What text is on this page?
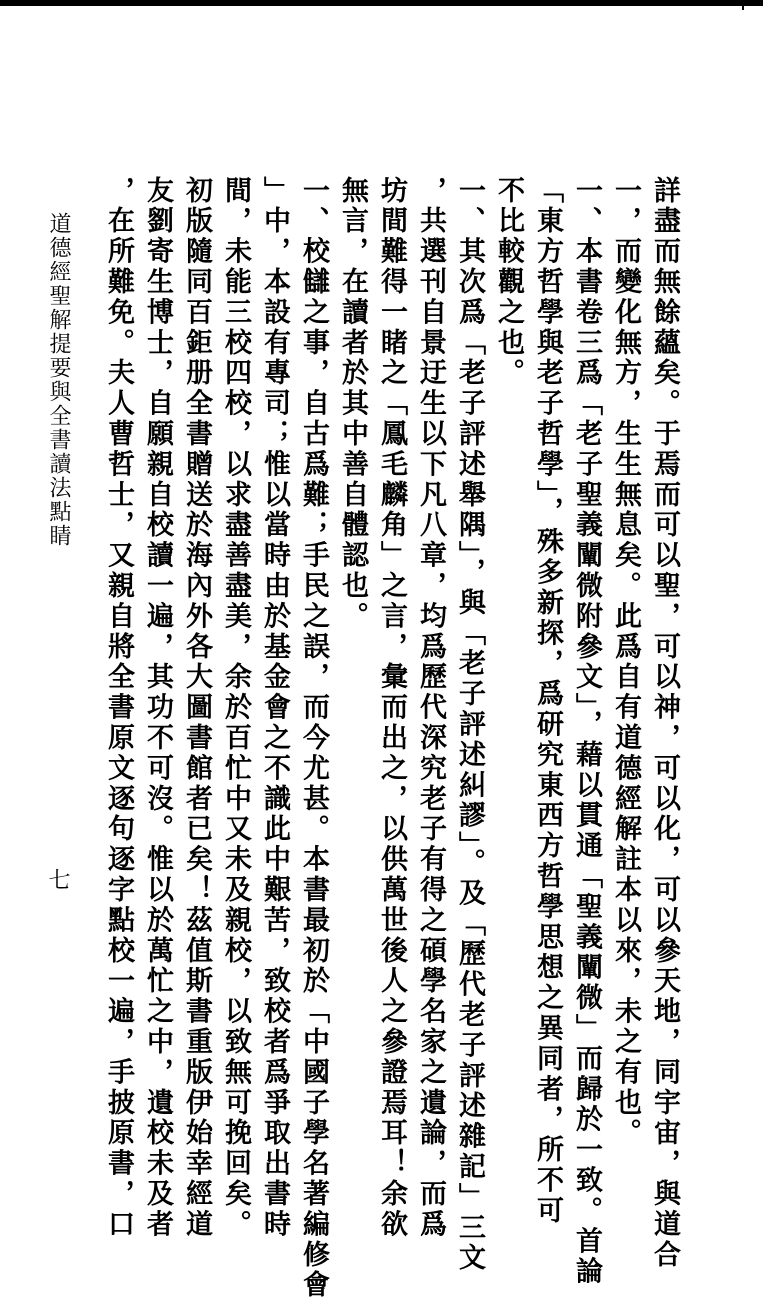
詳盡而無餘蘊矣。于焉而可以聖，可以神，可以化，可以參天地，同宇宙，與道合
一，而變化無方，生生無息矣。此爲自有道德經解註本以來，未之有也。
一、本書卷三爲「老子聖義闡微附參文」，藉以貫通「聖義闡微」而歸於一致。首論
「東方哲學與老子哲學」，殊多新探，爲研究東西方哲學思想之異同者，所不可
不比較觀之也。
一、其次爲「老子評述舉隅」，與「老子評述糾謬」。及「歷代老子評述雜記」三文
，共選刊自景迂生以下凡八章，均爲歷代深究老子有得之碩學名家之遺論，而爲
坊間難得一睹之「鳳毛麟角」之言，彙而出之，以供萬世後人之參證焉耳！余欲
無言，在讀者於其中善自體認也。
一、校讎之事，自古爲難；手民之誤，而今尤甚。本書最初於「中國子學名著編修會
」中，本設有專司；惟以當時由於基金會之不識此中艱苦，致校者爲爭取出書時
間，未能三校四校，以求盡善盡美，余於百忙中又未及親校，以致無可挽回矣。
初版隨同百鉅册全書贈送於海內外各大圖書館者已矣！茲值斯書重版伊始幸經道
友劉寄生博士，自願親自校讀一遍，其功不可沒。惟以於萬忙之中，遺校未及者
，在所難免。夫人曹哲士，又親自將全書原文逐句逐字點校一遍，手披原書，口
道德經聖解提要與全書讀法點睛
七
